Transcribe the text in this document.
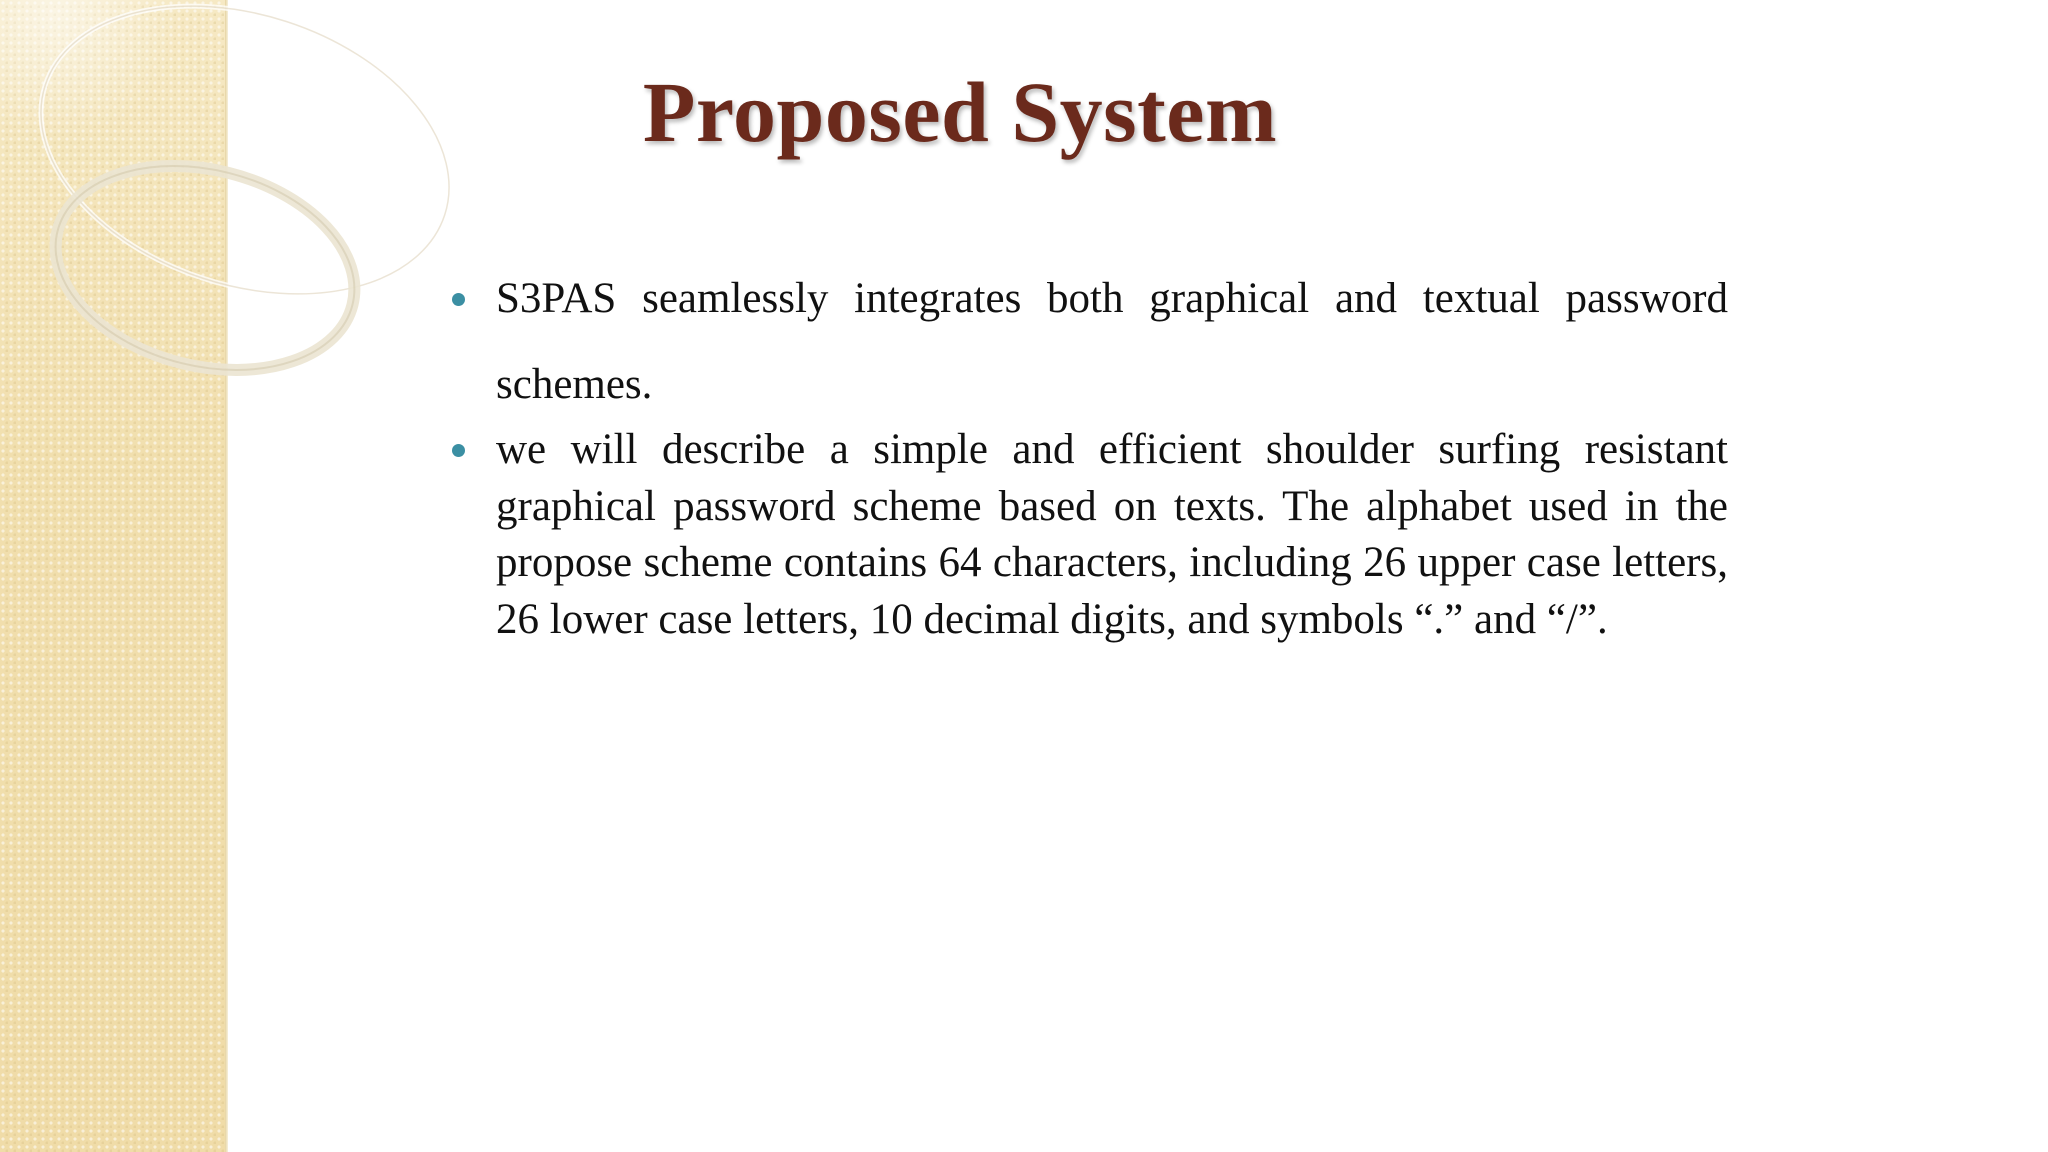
Proposed System
S3PAS seamlessly integrates both graphical and textual password schemes.
we will describe a simple and efficient shoulder surfing resistant graphical password scheme based on texts. The alphabet used in the propose scheme contains 64 characters, including 26 upper case letters, 26 lower case letters, 10 decimal digits, and symbols “.” and “/”.
